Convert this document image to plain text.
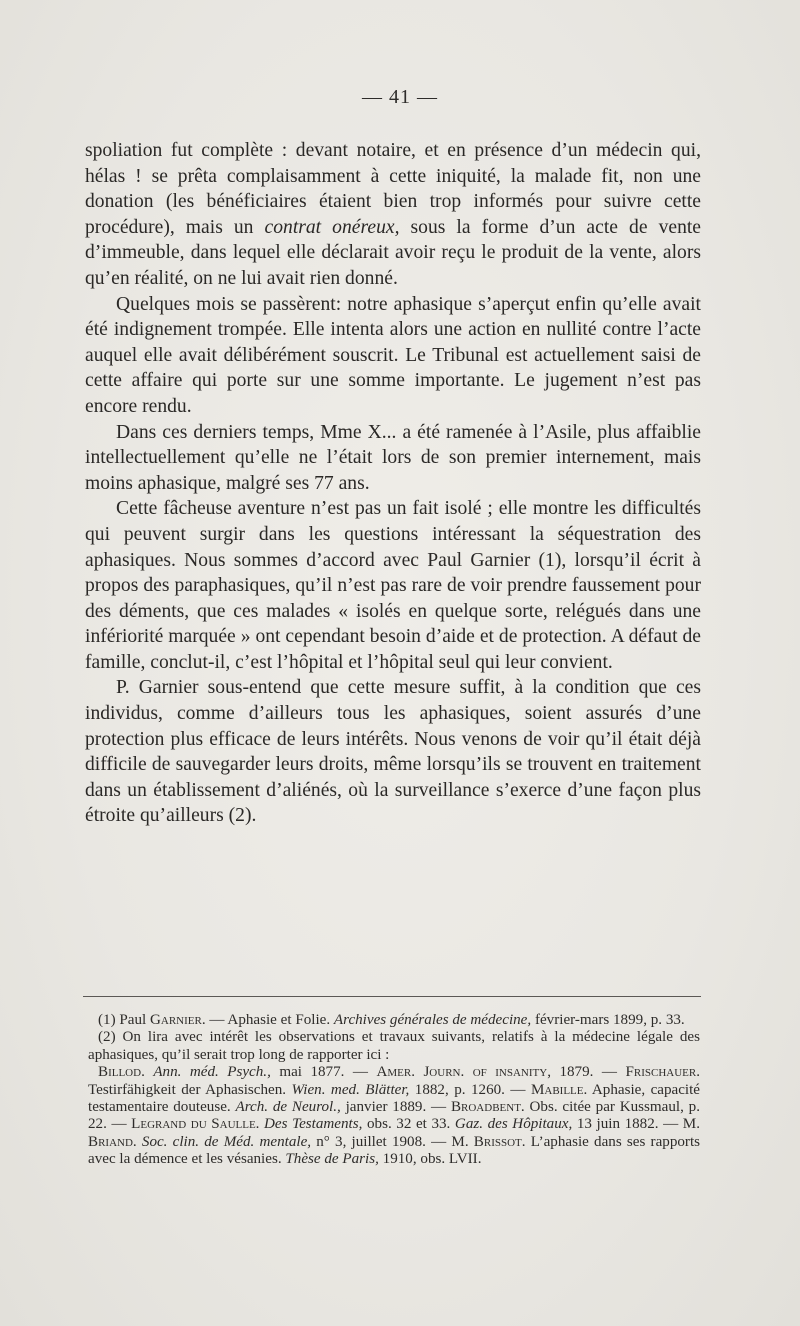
— 41 —

spoliation fut complète : devant notaire, et en présence d’un médecin qui, hélas ! se prêta complaisamment à cette iniquité, la malade fit, non une donation (les bénéficiaires étaient bien trop informés pour suivre cette procédure), mais un contrat onéreux, sous la forme d’un acte de vente d’immeuble, dans lequel elle déclarait avoir reçu le produit de la vente, alors qu’en réalité, on ne lui avait rien donné.

Quelques mois se passèrent: notre aphasique s’aperçut enfin qu’elle avait été indignement trompée. Elle intenta alors une action en nullité contre l’acte auquel elle avait délibérément souscrit. Le Tribunal est actuellement saisi de cette affaire qui porte sur une somme importante. Le jugement n’est pas encore rendu.

Dans ces derniers temps, Mme X... a été ramenée à l’Asile, plus affaiblie intellectuellement qu’elle ne l’était lors de son premier internement, mais moins aphasique, malgré ses 77 ans.

Cette fâcheuse aventure n’est pas un fait isolé ; elle montre les difficultés qui peuvent surgir dans les questions intéressant la séquestration des aphasiques. Nous sommes d’accord avec Paul Garnier (1), lorsqu’il écrit à propos des paraphasiques, qu’il n’est pas rare de voir prendre faussement pour des déments, que ces malades « isolés en quelque sorte, relégués dans une infériorité marquée » ont cependant besoin d’aide et de protection. A défaut de famille, conclut-il, c’est l’hôpital et l’hôpital seul qui leur convient.

P. Garnier sous-entend que cette mesure suffit, à la condition que ces individus, comme d’ailleurs tous les aphasiques, soient assurés d’une protection plus efficace de leurs intérêts. Nous venons de voir qu’il était déjà difficile de sauvegarder leurs droits, même lorsqu’ils se trouvent en traitement dans un établissement d’aliénés, où la surveillance s’exerce d’une façon plus étroite qu’ailleurs (2).

(1) Paul Garnier. — Aphasie et Folie. Archives générales de médecine, février-mars 1899, p. 33.

(2) On lira avec intérêt les observations et travaux suivants, relatifs à la médecine légale des aphasiques, qu’il serait trop long de rapporter ici :

Billod. Ann. méd. Psych., mai 1877. — Amer. Journ. of insanity, 1879. — Frischauer. Testirfähigkeit der Aphasischen. Wien. med. Blätter, 1882, p. 1260. — Mabille. Aphasie, capacité testamentaire douteuse. Arch. de Neurol., janvier 1889. — Broadbent. Obs. citée par Kussmaul, p. 22. — Legrand du Saulle. Des Testaments, obs. 32 et 33. Gaz. des Hôpitaux, 13 juin 1882. — M. Briand. Soc. clin. de Méd. mentale, n° 3, juillet 1908. — M. Brissot. L’aphasie dans ses rapports avec la démence et les vésanies. Thèse de Paris, 1910, obs. LVII.
